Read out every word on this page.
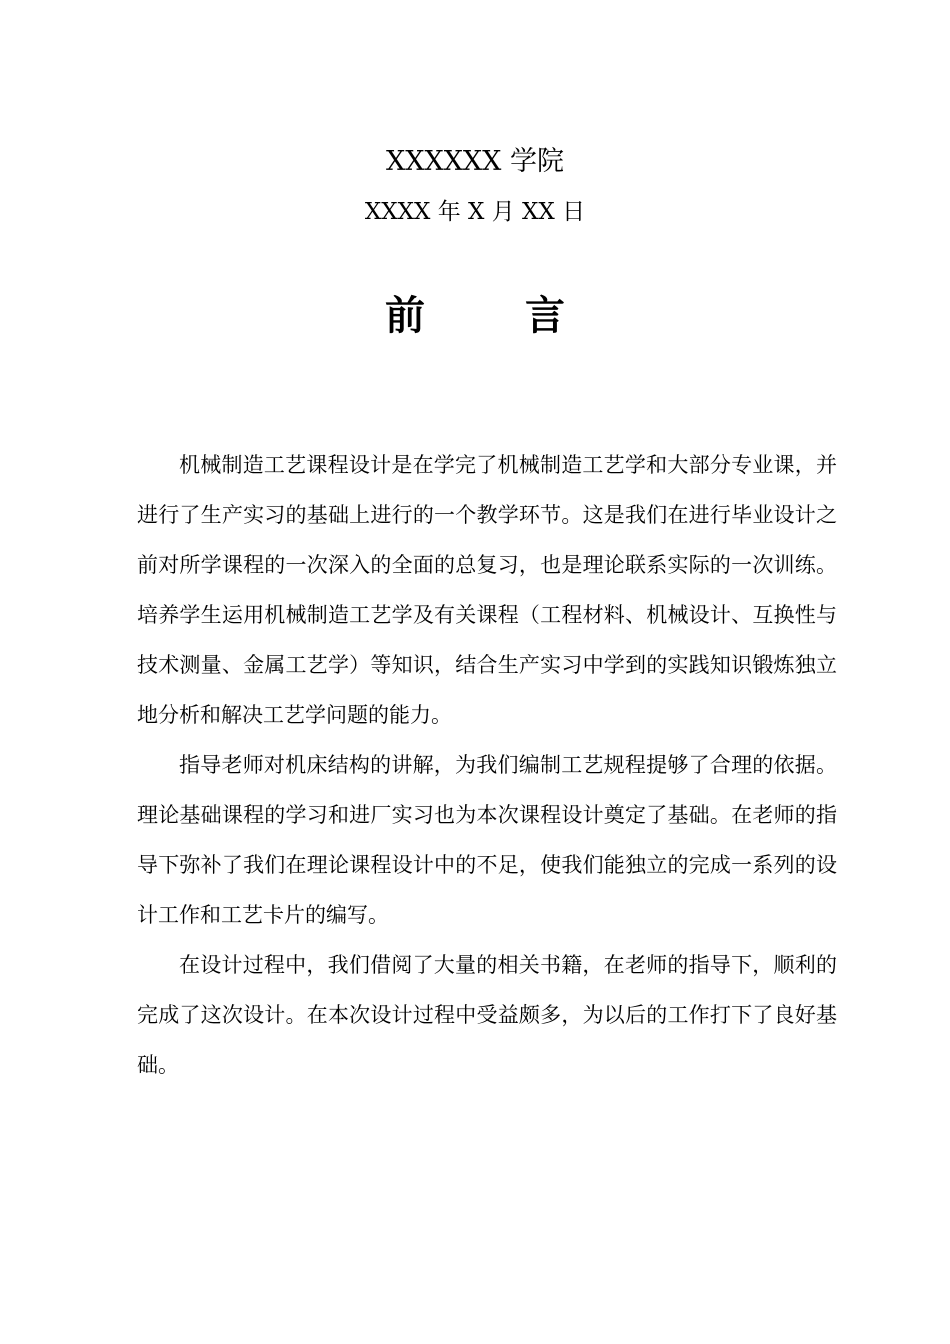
XXXXXX 学院
XXXX 年 X 月 XX 日
前	言

机械制造工艺课程设计是在学完了机械制造工艺学和大部分专业课，并进行了生产实习的基础上进行的一个教学环节。这是我们在进行毕业设计之前对所学课程的一次深入的全面的总复习，也是理论联系实际的一次训练。培养学生运用机械制造工艺学及有关课程（工程材料、机械设计、互换性与技术测量、金属工艺学）等知识，结合生产实习中学到的实践知识锻炼独立地分析和解决工艺学问题的能力。

指导老师对机床结构的讲解，为我们编制工艺规程提够了合理的依据。理论基础课程的学习和进厂实习也为本次课程设计奠定了基础。在老师的指导下弥补了我们在理论课程设计中的不足，使我们能独立的完成一系列的设计工作和工艺卡片的编写。

在设计过程中，我们借阅了大量的相关书籍，在老师的指导下，顺利的完成了这次设计。在本次设计过程中受益颇多，为以后的工作打下了良好基础。
